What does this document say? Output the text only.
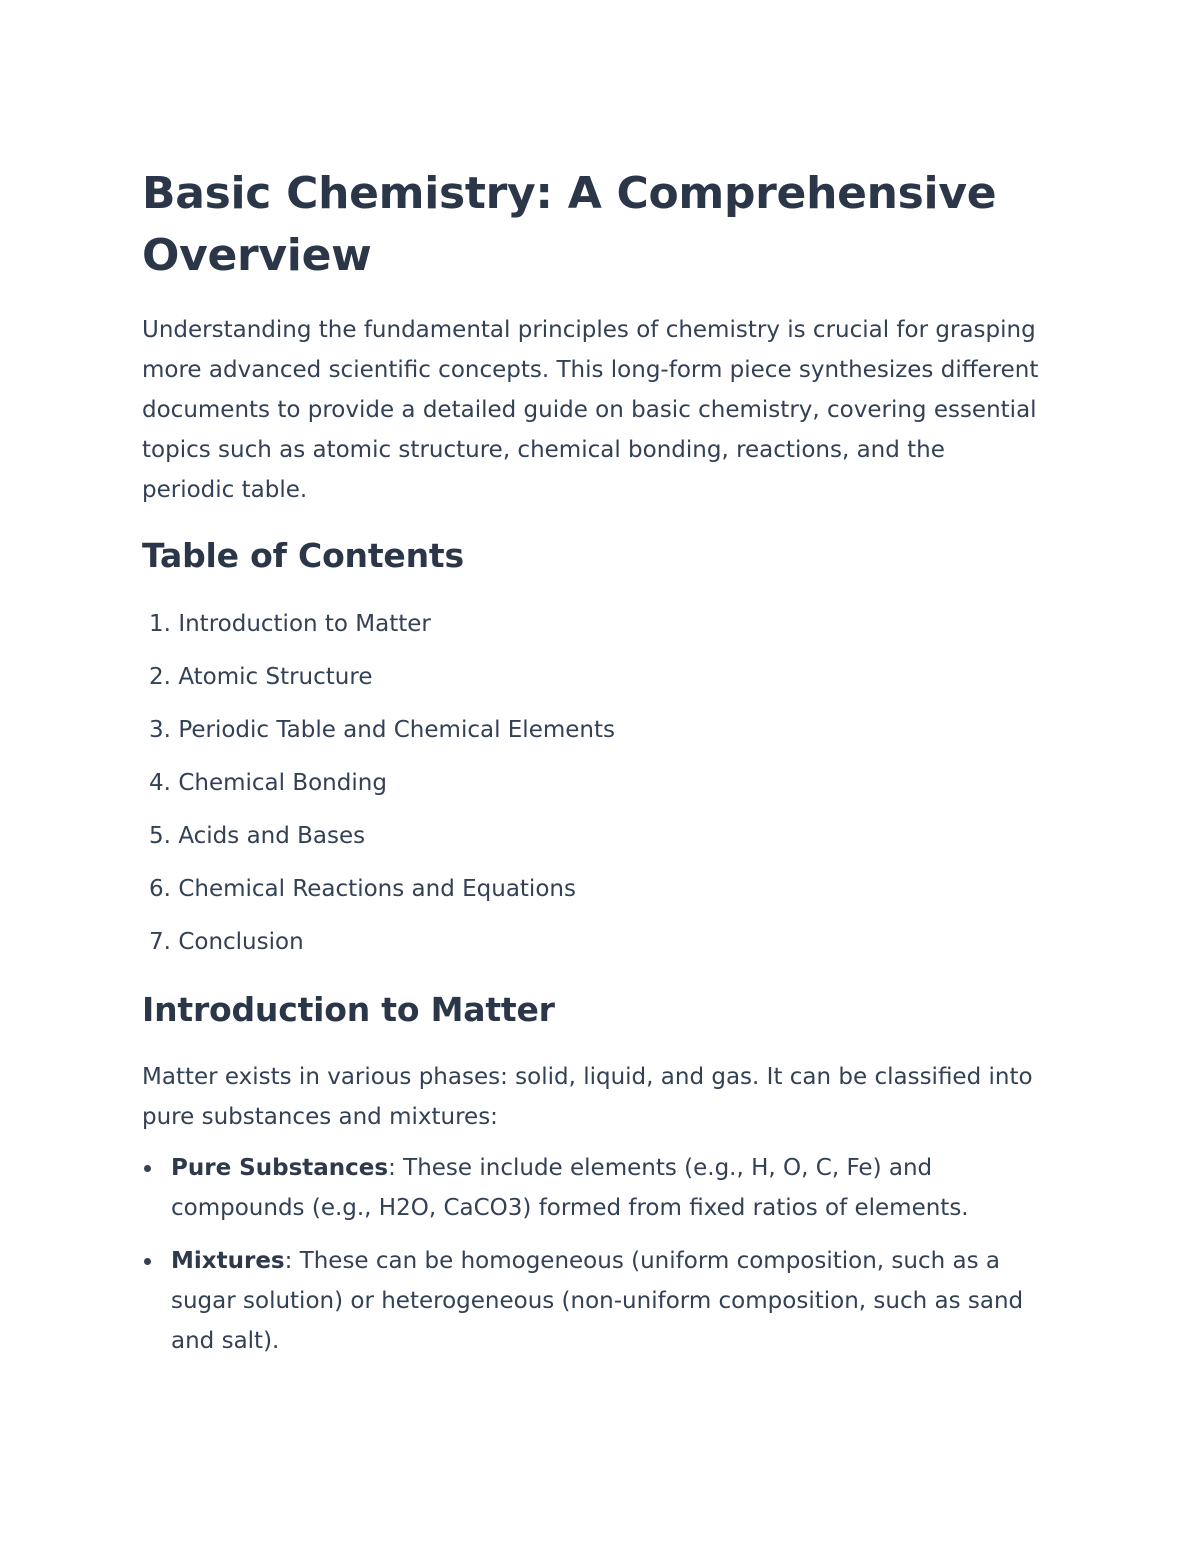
Basic Chemistry: A Comprehensive Overview

Understanding the fundamental principles of chemistry is crucial for grasping more advanced scientific concepts. This long-form piece synthesizes different documents to provide a detailed guide on basic chemistry, covering essential topics such as atomic structure, chemical bonding, reactions, and the periodic table.

Table of Contents
1. Introduction to Matter
2. Atomic Structure
3. Periodic Table and Chemical Elements
4. Chemical Bonding
5. Acids and Bases
6. Chemical Reactions and Equations
7. Conclusion
Introduction to Matter

Matter exists in various phases: solid, liquid, and gas. It can be classified into pure substances and mixtures:

Pure Substances: These include elements (e.g., H, O, C, Fe) and compounds (e.g., H2O, CaCO3) formed from fixed ratios of elements.
Mixtures: These can be homogeneous (uniform composition, such as a sugar solution) or heterogeneous (non-uniform composition, such as sand and salt).
